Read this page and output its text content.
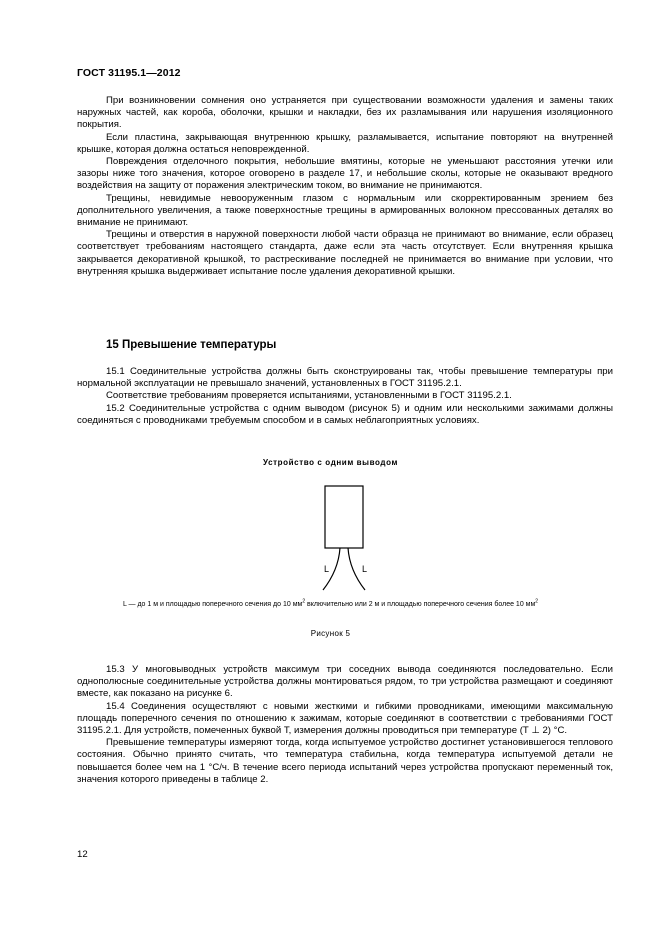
ГОСТ 31195.1—2012

При возникновении сомнения оно устраняется при существовании возможности удаления и замены таких наружных частей, как короба, оболочки, крышки и накладки, без их разламывания или нарушения изоляционного покрытия.

Если пластина, закрывающая внутреннюю крышку, разламывается, испытание повторяют на внутренней крышке, которая должна остаться неповрежденной.

Повреждения отделочного покрытия, небольшие вмятины, которые не уменьшают расстояния утечки или зазоры ниже того значения, которое оговорено в разделе 17, и небольшие сколы, которые не оказывают вредного воздействия на защиту от поражения электрическим током, во внимание не принимаются.

Трещины, невидимые невооруженным глазом с нормальным или скорректированным зрением без дополнительного увеличения, а также поверхностные трещины в армированных волокном прессованных деталях во внимание не принимают.

Трещины и отверстия в наружной поверхности любой части образца не принимают во внимание, если образец соответствует требованиям настоящего стандарта, даже если эта часть отсутствует. Если внутренняя крышка закрывается декоративной крышкой, то растрескивание последней не принимается во внимание при условии, что внутренняя крышка выдерживает испытание после удаления декоративной крышки.

15 Превышение температуры

15.1 Соединительные устройства должны быть сконструированы так, чтобы превышение температуры при нормальной эксплуатации не превышало значений, установленных в ГОСТ 31195.2.1.

Соответствие требованиям проверяется испытаниями, установленными в ГОСТ 31195.2.1.

15.2 Соединительные устройства с одним выводом (рисунок 5) и одним или несколькими зажимами должны соединяться с проводниками требуемым способом и в самых неблагоприятных условиях.

Устройство с одним выводом
L	L
L — до 1 м и площадью поперечного сечения до 10 $мм^2$ включительно или 2 м и площадью поперечного сечения более 10 $мм^2$
Рисунок 5

15.3 У многовыводных устройств максимум три соседних вывода соединяются последовательно. Если однополюсные соединительные устройства должны монтироваться рядом, то три устройства размещают и соединяют вместе, как показано на рисунке 6.

15.4 Соединения осуществляют с новыми жесткими и гибкими проводниками, имеющими максимальную площадь поперечного сечения по отношению к зажимам, которые соединяют в соответствии с требованиями ГОСТ 31195.2.1. Для устройств, помеченных буквой Т, измерения должны проводиться при температуре (Т ⊥ 2) °С.

Превышение температуры измеряют тогда, когда испытуемое устройство достигнет установившегося теплового состояния. Обычно принято считать, что температура стабильна, когда температура испытуемой детали не повышается более чем на 1 °С/ч. В течение всего периода испытаний через устройства пропускают переменный ток, значения которого приведены в таблице 2.

12
